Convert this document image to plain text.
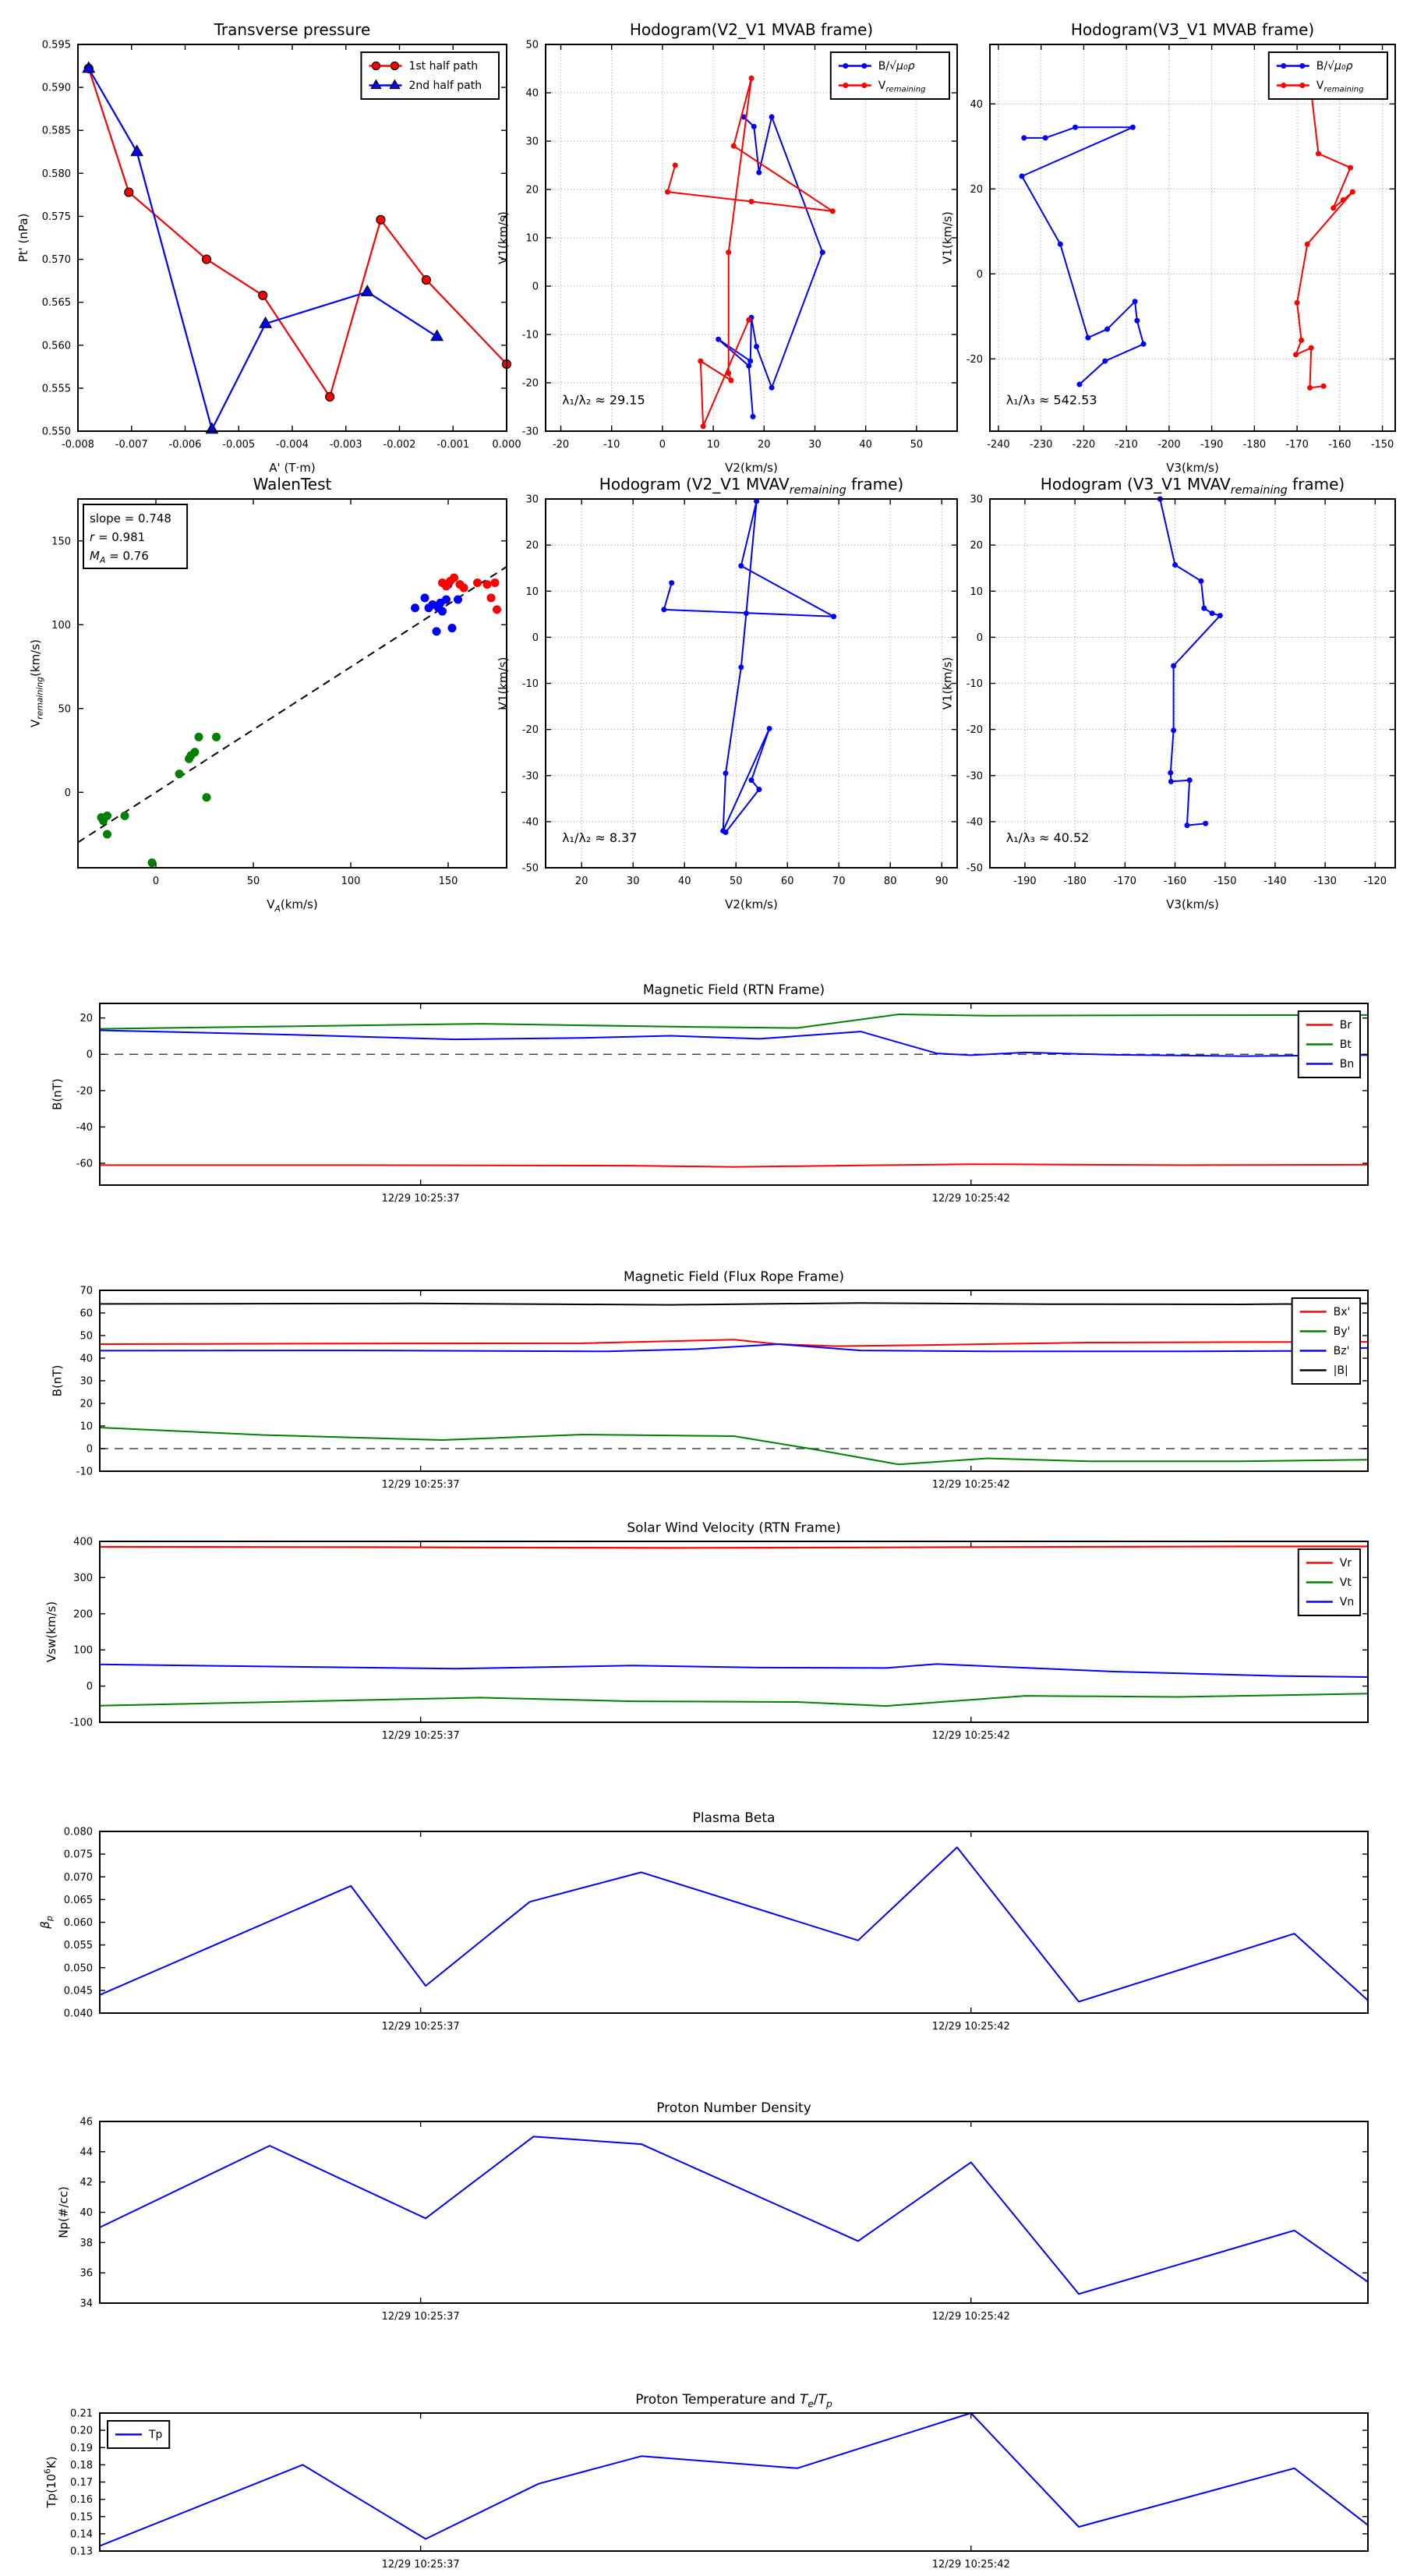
-0.008 -0.007 -0.006 -0.005 -0.004 -0.003 -0.002 -0.001 0.000
0.550
0.555
0.560
0.565
0.570
0.575
0.580
0.585
0.590
0.595
Transverse pressure
A' (T·m)
Pt' (nPa)
1st half path
2nd half path
-20	-10	0	10	20	30	40	50
-30
-20
-10
0
10
20
30
40
50
Hodogram(V2_V1 MVAB frame)
V2(km/s)
V1(km/s)
λ₁/λ₂ ≈ 29.15
B/√μ₀ρ
$V_{remaining}$
-240 -230 -220 -210 -200 -190 -180 -170 -160 -150
-20
0
20
40
Hodogram(V3_V1 MVAB frame)
V3(km/s)
V1(km/s)
λ₁/λ₃ ≈ 542.53
B/√μ₀ρ
$V_{remaining}$
0	50	100	150
0
50
100
150
WalenTest
$V_A(km/s)$
$V_{remaining}(km/s)$
slope = 0.748
r = 0.981
$M_A = 0.76$
20	30	40	50	60	70	80	90
-50
-40
-30
-20
-10
0
10
20
30
Hodogram (V2_V1 $MVAV_{remaining}$ frame)
V2(km/s)
V1(km/s)
λ₁/λ₂ ≈ 8.37
-190	-180	-170	-160	-150	-140	-130	-120
-50
-40
-30
-20
-10
0
10
20
30
Hodogram (V3_V1 $MVAV_{remaining}$ frame)
V3(km/s)
V1(km/s)
λ₁/λ₃ ≈ 40.52
12/29 10:25:37	12/29 10:25:42
-60
-40
-20
0
20
Magnetic Field (RTN Frame)
B(nT)
Br
Bt
Bn
12/29 10:25:37	12/29 10:25:42
-10
0
10
20
30
40
50
60
70
Magnetic Field (Flux Rope Frame)
B(nT)
Bx'
By'
Bz'
|B|
12/29 10:25:37	12/29 10:25:42
-100
0
100
200
300
400
Solar Wind Velocity (RTN Frame)
Vsw(km/s)
Vr
Vt
Vn
12/29 10:25:37	12/29 10:25:42
0.040
0.045
0.050
0.055
0.060
0.065
0.070
0.075
0.080
Plasma Beta
$\beta_p$
12/29 10:25:37	12/29 10:25:42
34
36
38
40
42
44
46
Proton Number Density
Np(#/cc)
12/29 10:25:37	12/29 10:25:42
0.13
0.14
0.15
0.16
0.17
0.18
0.19
0.20
0.21
Proton Temperature and $T_e/T_p$
$Tp(10^6K)$
Tp
